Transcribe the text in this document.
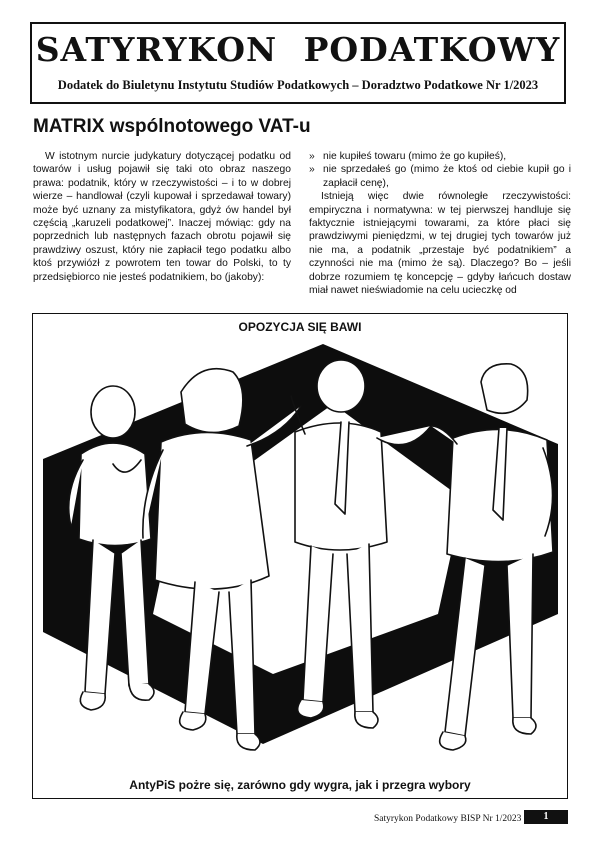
SATYRYKON PODATKOWY
Dodatek do Biuletynu Instytutu Studiów Podatkowych – Doradztwo Podatkowe Nr 1/2023
MATRIX wspólnotowego VAT-u

W istotnym nurcie judykatury dotyczącej podatku od towarów i usług pojawił się taki oto obraz naszego prawa: podatnik, który w rzeczywistości – i to w dobrej wierze – handlował (czyli kupował i sprzedawał towary) może być uznany za mistyfikatora, gdyż ów handel był częścią „karuzeli podatkowej”. Inaczej mówiąc: gdy na poprzednich lub następnych fazach obrotu pojawił się prawdziwy oszust, który nie zapłacił tego podatku albo ktoś przywiózł z powrotem ten towar do Polski, to ty przedsiębiorco nie jesteś podatnikiem, bo (jakoby):

» nie kupiłeś towaru (mimo że go kupiłeś),
» nie sprzedałeś go (mimo że ktoś od ciebie kupił go i zapłacił cenę),

Istnieją więc dwie równoległe rzeczywistości: empiryczna i normatywna: w tej pierwszej handluje się faktycznie istniejącymi towarami, za które płaci się prawdziwymi pieniędzmi, w tej drugiej tych towarów już nie ma, a podatnik „przestaje być podatnikiem” a czynności nie ma (mimo że są). Dlaczego? Bo – jeśli dobrze rozumiem tę koncepcję – gdyby łańcuch dostaw miał nawet nieświadomie na celu ucieczkę od

OPOZYCJA SIĘ BAWI
AntyPiS pożre się, zarówno gdy wygra, jak i przegra wybory
Satyrykon Podatkowy BISP Nr 1/2023	1
